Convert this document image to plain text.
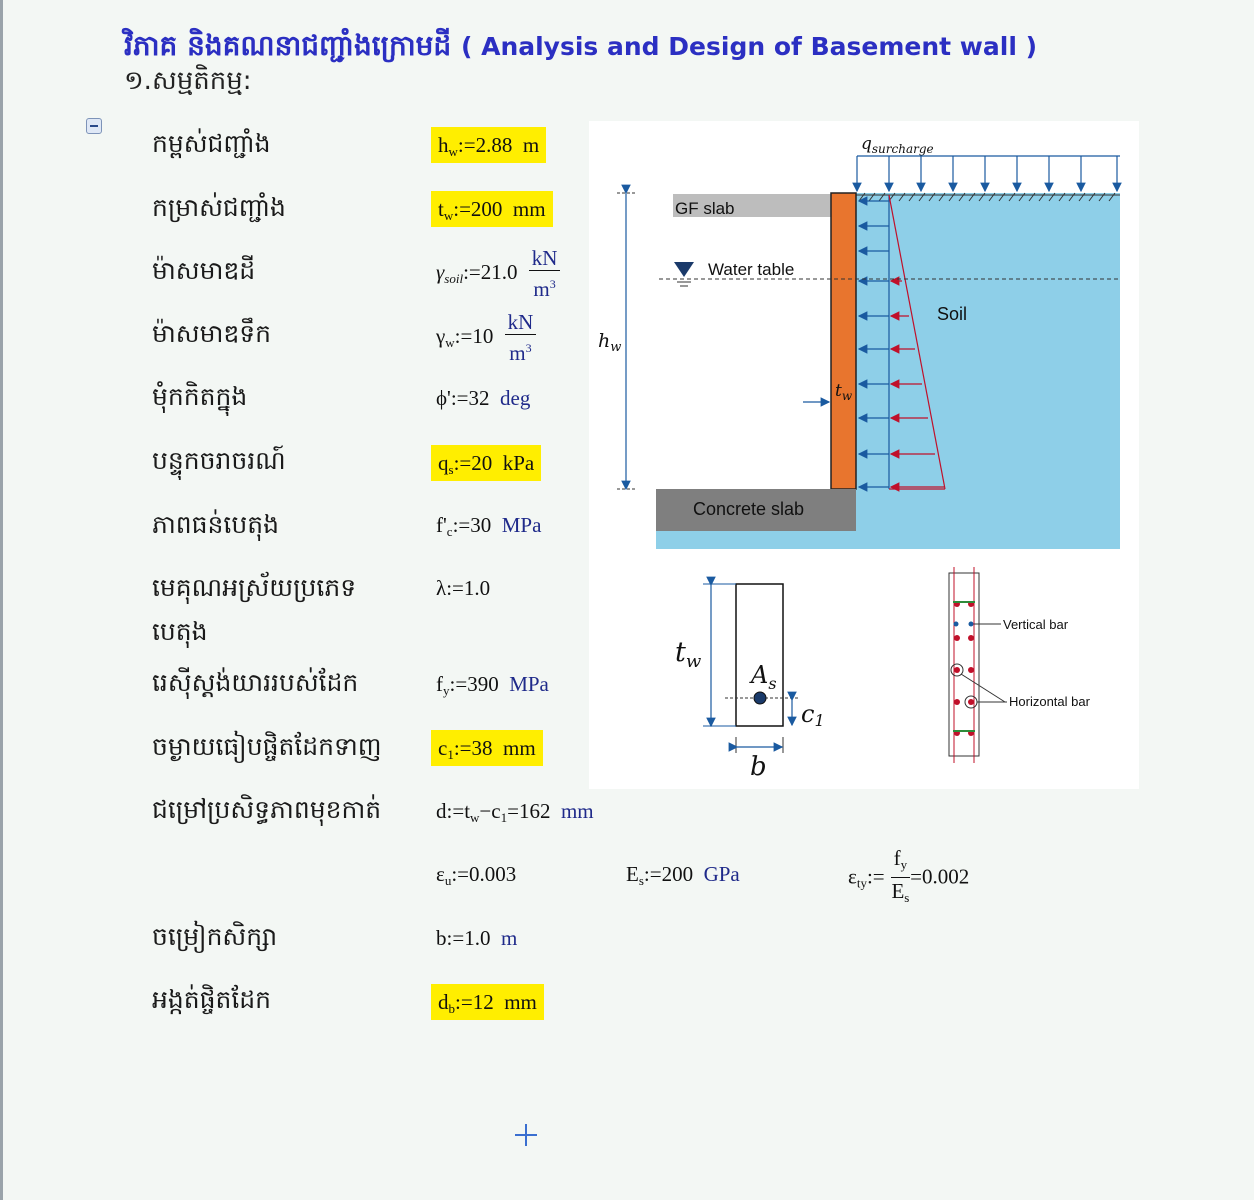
វិភាគ និងគណនាជញ្ជាំងក្រោមដី ( Analysis and Design of Basement wall )
១.សម្មតិកម្ម:
កម្ពស់ជញ្ជាំង
កម្រាស់ជញ្ជាំង
ម៉ាសមាឌដី
ម៉ាសមាឌទឹក
មុំកកិតក្នុង
បន្ទុកចរាចរណ៍
ភាពធន់បេតុង
មេគុណអស្រ័យប្រភេទ
បេតុង
រេស៊ីស្តង់យាររបស់ដែក
ចម្ងាយធៀបផ្ចិតដែកទាញ
ជម្រៅប្រសិទ្ធភាពមុខកាត់
ចម្រៀកសិក្សា
អង្កត់ផ្ចិតដែក
$h_w:=2.88$ m
$t_w:=200$ mm
$\gamma_{soil}:=21.0 \frac{kN}{m^3}$
$\gamma_w:=10 \frac{kN}{m^3}$
ϕ':=32 deg
$q_s:=20$ kPa
$f'_c:=30$ MPa
λ:=1.0
$f_y:=390$ MPa
$c_1:=38$ mm
$d:=t_w-c_1=162$ mm
$\varepsilon_u:=0.003$	$E_s:=200$ GPa	$\varepsilon_{ty}:= \frac{f_y}{E_s} =0.002$
b:=1.0 m
$d_b:=12$ mm
GF slab
Concrete slab
$q_{surcharge}$
Water table
Soil
$h_w$
$t_w$
$t_w$ $A_s$
c1
b
Vertical bar
Horizontal bar
